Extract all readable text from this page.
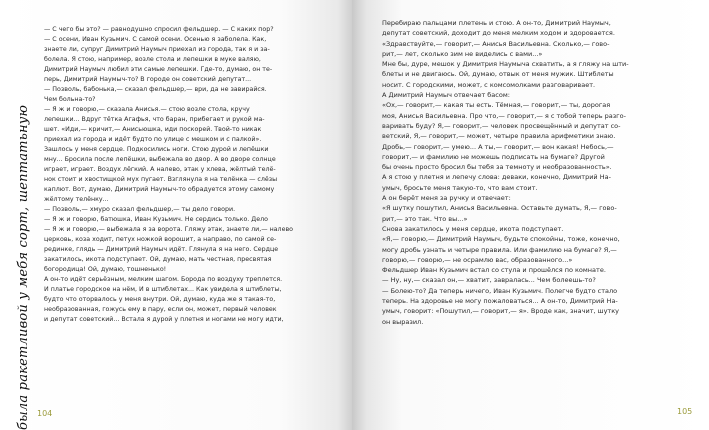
— С чего бы это? — равнодушно спросил фельдшер. — С каких пор?
— С осени, Иван Кузьмич. С самой осени. Осенью я заболела. Как,
знаете ли, супруг Димитрий Наумыч приехал из города, так я и за-
болела. Я стою, например, возле стола и лепешки в муке валяю,
Димитрий Наумыч любил эти самые лепешки. Где-то, думаю, он те-
перь, Димитрий Наумыч-то? В городе он советский депутат...
— Позволь, бабонька,— сказал фельдшер,— ври, да не завирайся.
Чем больна-то?
— Я ж и говорю,— сказала Анисья.— стою возле стола, кручу
лепешки... Вдруг тётка Агафья, что баран, прибегает и рукой ма-
шет. «Иди,— кричит,— Анисьюшка, иди поскорей. Твой-то никак
приехал из города и идёт будто по улице с мешком и с палкой».
Зашлось у меня сердце. Подкосились ноги. Стою дурой и лепёшки
мну... Бросила после лепёшки, выбежала во двор. А во дворе солнце
играет, играет. Воздух лёгкий. А налево, этак у хлева, жёлтый телё-
нок стоит и хвостищкой мух пугает. Взглянула я на телёнка — слёзы
каплют. Вот, думаю, Димитрий Наумыч-то обрадуется этому самому
жёлтому телёнку...
— Позволь,— хмуро сказал фельдшер,— ты дело говори.
— Я ж и говорю, батюшка, Иван Кузьмич. Не сердись только. Дело
— Я ж и говорю,— выбежала я за ворота. Гляжу этак, знаете ли,— налево
церковь, коза ходит, петух ножкой ворошит, а направо, по самой се-
рединке, глядь — Димитрий Наумыч идёт. Глянула я на него. Сердце
закатилось, икота подступает. Ой, думаю, мать честная, пресвятая
богородица! Ой, думаю, тошненько!
А он-то идёт серьёзным, мелким шагом. Борода по воздуху треплется.
И платье городское на нём, И в штиблетах... Как увидела я штиблеты,
будто что оторвалось у меня внутри. Ой, думаю, куда же я такая-то,
необразованная, гожусь ему в пару, если он, может, первый человек
и депутат советский... Встала я дурой у плетня и ногами не могу идти,
104
Перебираю пальцами плетень и стою. А он-то, Димитрий Наумыч,
депутат советский, доходит до меня мелким ходом и здоровается.
«Здравствуйте,— говорит,— Анисья Васильевна. Сколько,— гово-
рит,— лет, сколько зим не виделись с вами...»
Мне бы, дуре, мешок у Димитрия Наумыча схватить, а я гляжу на шти-
блеты и не двигаюсь. Ой, думаю, отвык от меня мужик. Штиблеты
носит. С городскими, может, с комсомолками разговаривает.
А Димитрий Наумыч отвечает басом:
«Ох,— говорит,— какая ты есть. Тёмная,— говорит,— ты, дорогая
моя, Анисья Васильевна. Про что,— говорит,— я с тобой теперь разго-
варивать буду? Я,— говорит,— человек просвещённый и депутат со-
ветский, Я,— говорит,— может, четыре правила арифметики знаю.
Дробь,— говорит,— умею... А ты,— говорит,— вон какая! Небось,—
говорит,— и фамилию не можешь подписать на бумаге? Другой
бы очень просто бросил бы тебя за темноту и необразованность».
А я стою у плетня и лепечу слова: деваки, конечно, Димитрий На-
умыч, бросьте меня такую-то, что вам стоит.
А он берёт меня за ручку и отвечает:
«Я шутку пошутил, Анисья Васильевна. Оставьте думать, Я,— гово-
рит,— это так. Что вы...»
Снова закатилось у меня сердце, икота подступает.
«Я,— говорю,— Димитрий Наумыч, будьте спокойны, тоже, конечно,
могу дробь узнать и четыре правила. Или фамилию на бумаге? Я,—
говорю,— говорю,— не осрамлю вас, образованного...»
Фельдшер Иван Кузьмич встал со стула и прошёлся по комнате.
— Ну, ну,— сказал он,— хватит, завралась... Чем болеешь-то?
— Болею-то? Да теперь ничего, Иван Кузьмич. Полегче будто стало
теперь. На здоровье не могу пожаловаться... А он-то, Димитрий На-
умыч, говорит: «Пошутил,— говорит,— я». Вроде как, значит, шутку
он выразил.
105
была ракетливой у мебя сорт, шептатьную
